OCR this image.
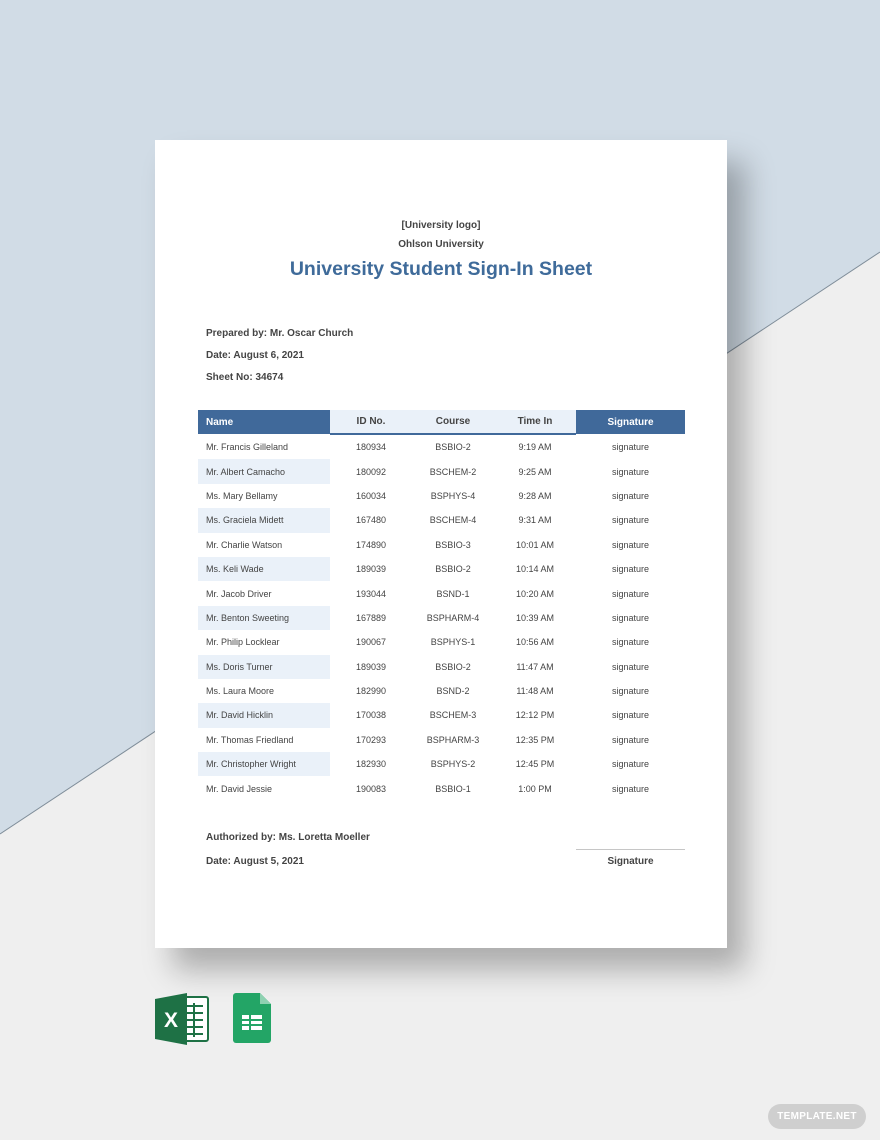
[University logo]
Ohlson University
University Student Sign-In Sheet
Prepared by: Mr. Oscar Church
Date: August 6, 2021
Sheet No: 34674
Name	ID No.	Course	Time In	Signature
Mr. Francis Gilleland	180934	BSBIO-2	9:19 AM	signature
Mr. Albert Camacho	180092	BSCHEM-2	9:25 AM	signature
Ms. Mary Bellamy	160034	BSPHYS-4	9:28 AM	signature
Ms. Graciela Midett	167480	BSCHEM-4	9:31 AM	signature
Mr. Charlie Watson	174890	BSBIO-3	10:01 AM	signature
Ms. Keli Wade	189039	BSBIO-2	10:14 AM	signature
Mr. Jacob Driver	193044	BSND-1	10:20 AM	signature
Mr. Benton Sweeting	167889	BSPHARM-4	10:39 AM	signature
Mr. Philip Locklear	190067	BSPHYS-1	10:56 AM	signature
Ms. Doris Turner	189039	BSBIO-2	11:47 AM	signature
Ms. Laura Moore	182990	BSND-2	11:48 AM	signature
Mr. David Hicklin	170038	BSCHEM-3	12:12 PM	signature
Mr. Thomas Friedland	170293	BSPHARM-3	12:35 PM	signature
Mr. Christopher Wright	182930	BSPHYS-2	12:45 PM	signature
Mr. David Jessie	190083	BSBIO-1	1:00 PM	signature
Authorized by: Ms. Loretta Moeller
Date: August 5, 2021	Signature
X
TEMPLATE.NET
